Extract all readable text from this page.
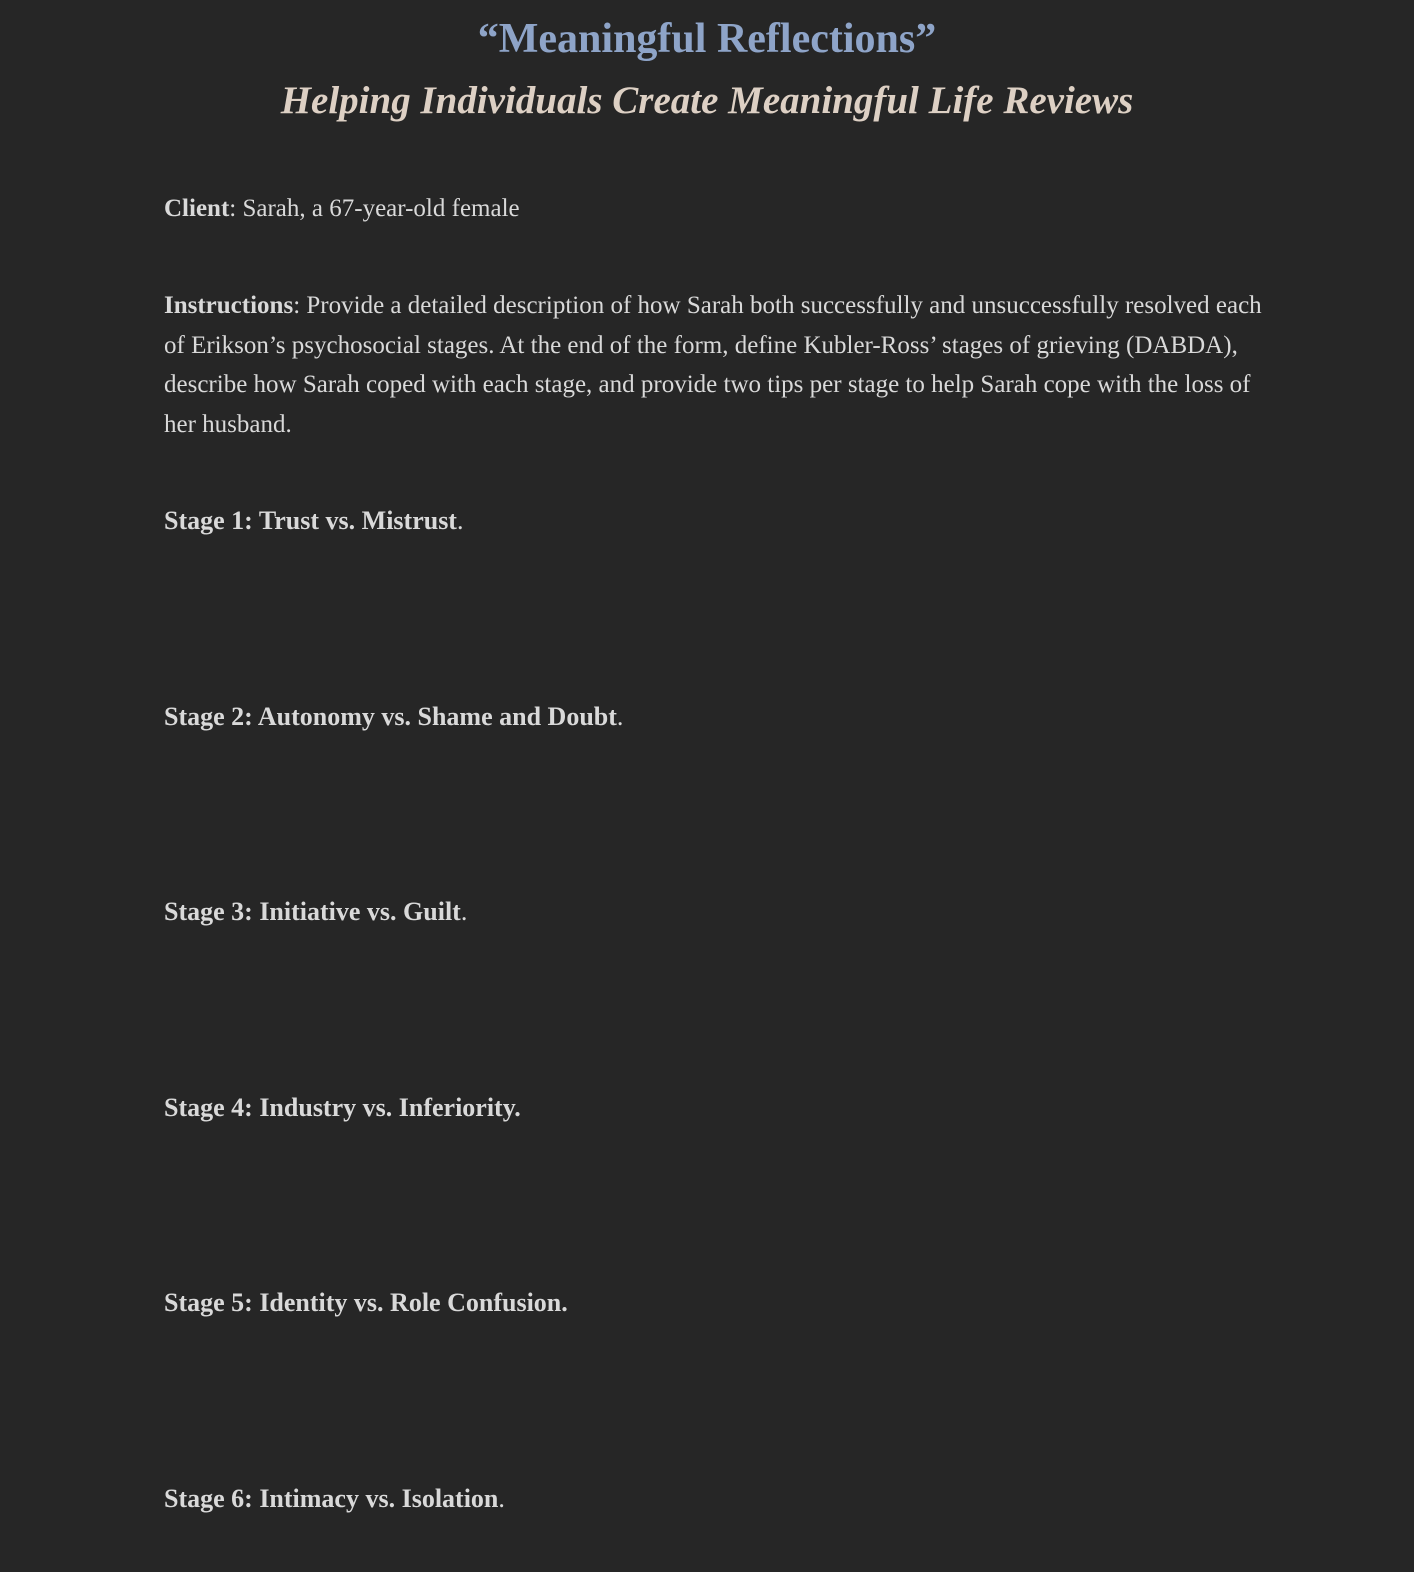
“Meaningful Reflections”
Helping Individuals Create Meaningful Life Reviews

Client: Sarah, a 67-year-old female

Instructions: Provide a detailed description of how Sarah both successfully and unsuccessfully resolved each of Erikson’s psychosocial stages. At the end of the form, define Kubler-Ross’ stages of grieving (DABDA), describe how Sarah coped with each stage, and provide two tips per stage to help Sarah cope with the loss of her husband.

Stage 1: Trust vs. Mistrust.

Stage 2: Autonomy vs. Shame and Doubt.

Stage 3: Initiative vs. Guilt.

Stage 4: Industry vs. Inferiority.

Stage 5: Identity vs. Role Confusion.

Stage 6: Intimacy vs. Isolation.
